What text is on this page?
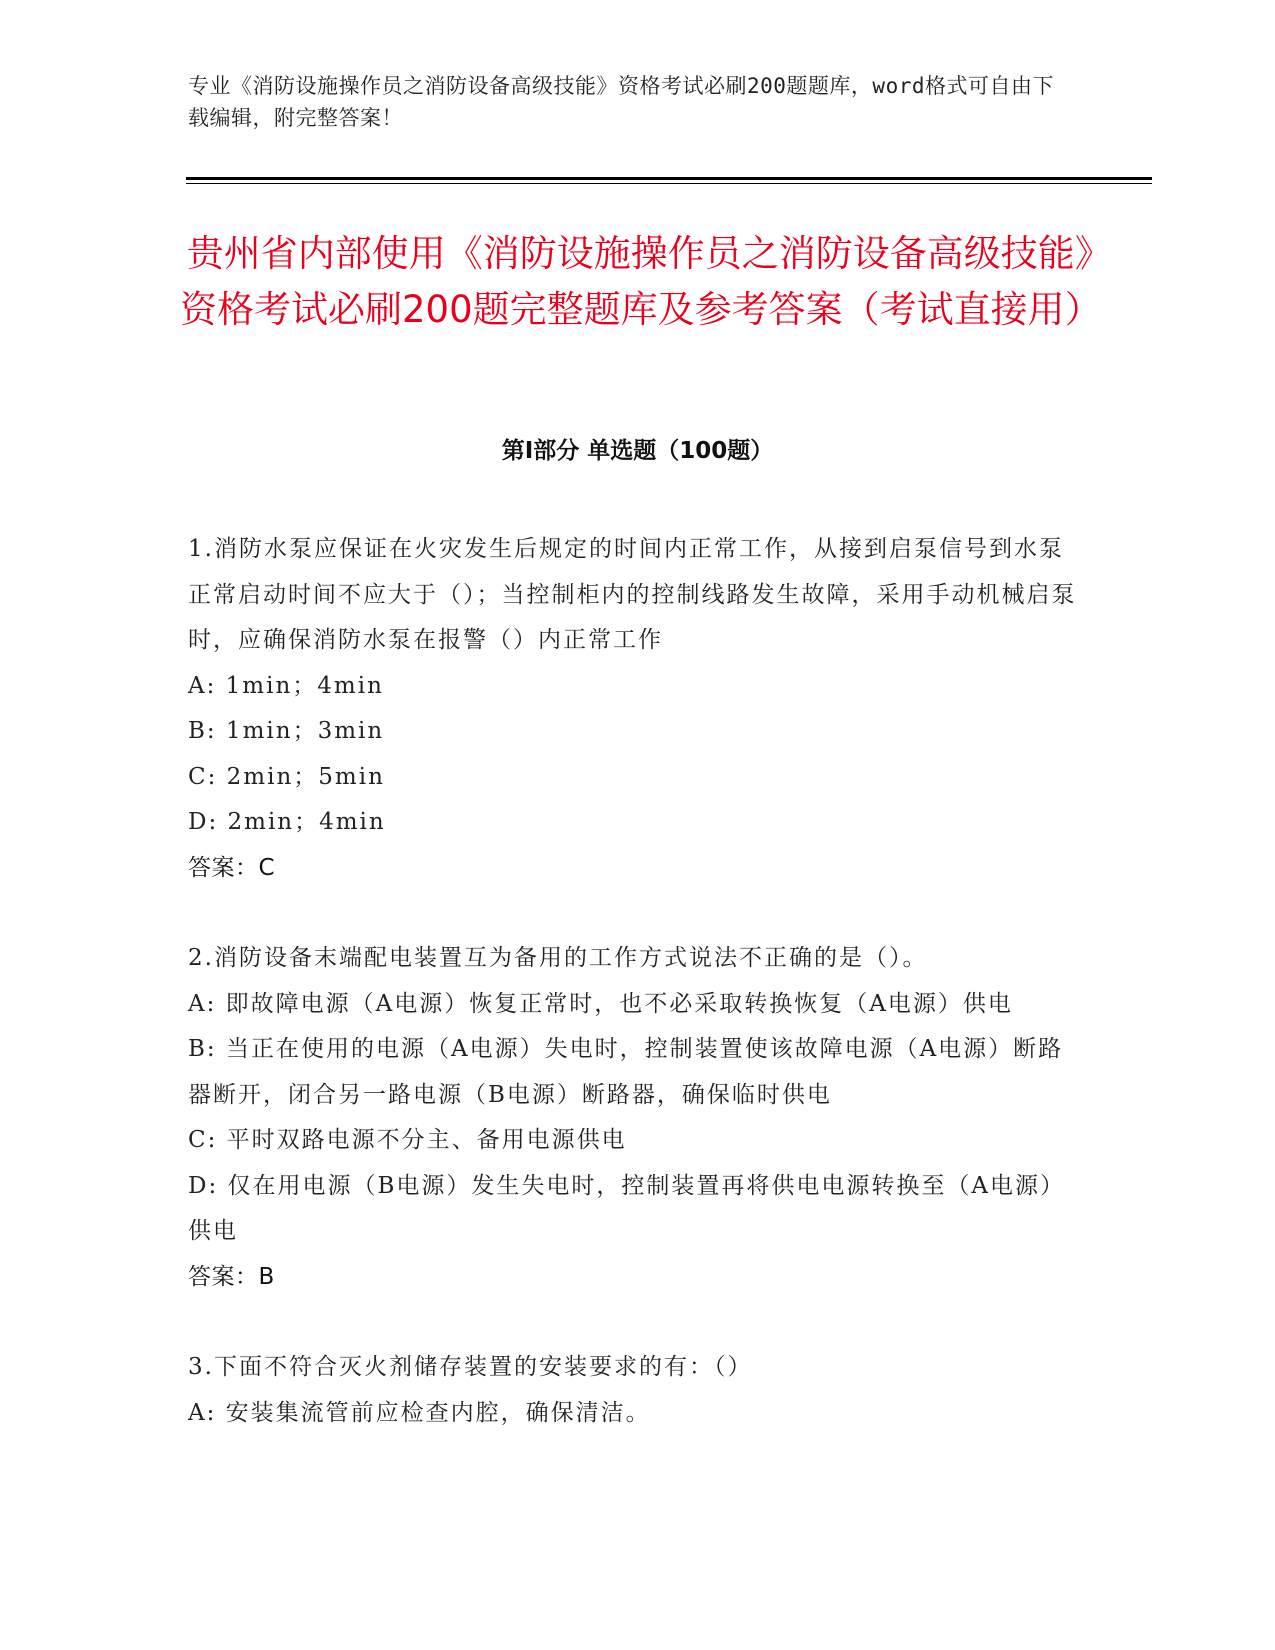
专业《消防设施操作员之消防设备高级技能》资格考试必刷200题题库，word格式可自由下载编辑，附完整答案！
贵州省内部使用《消防设施操作员之消防设备高级技能》资格考试必刷200题完整题库及参考答案（考试直接用）
第Ⅰ部分 单选题（100题）

1.消防水泵应保证在火灾发生后规定的时间内正常工作，从接到启泵信号到水泵正常启动时间不应大于（）；当控制柜内的控制线路发生故障，采用手动机械启泵时，应确保消防水泵在报警（）内正常工作

A: 1min；4min

B: 1min；3min

C: 2min；5min

D: 2min；4min

答案：C

2.消防设备末端配电装置互为备用的工作方式说法不正确的是（）。

A: 即故障电源（A电源）恢复正常时，也不必采取转换恢复（A电源）供电

B: 当正在使用的电源（A电源）失电时，控制装置使该故障电源（A电源）断路器断开，闭合另一路电源（B电源）断路器，确保临时供电

C: 平时双路电源不分主、备用电源供电

D: 仅在用电源（B电源）发生失电时，控制装置再将供电电源转换至（A电源）供电

答案：B

3.下面不符合灭火剂储存装置的安装要求的有：（）

A: 安装集流管前应检查内腔，确保清洁。
